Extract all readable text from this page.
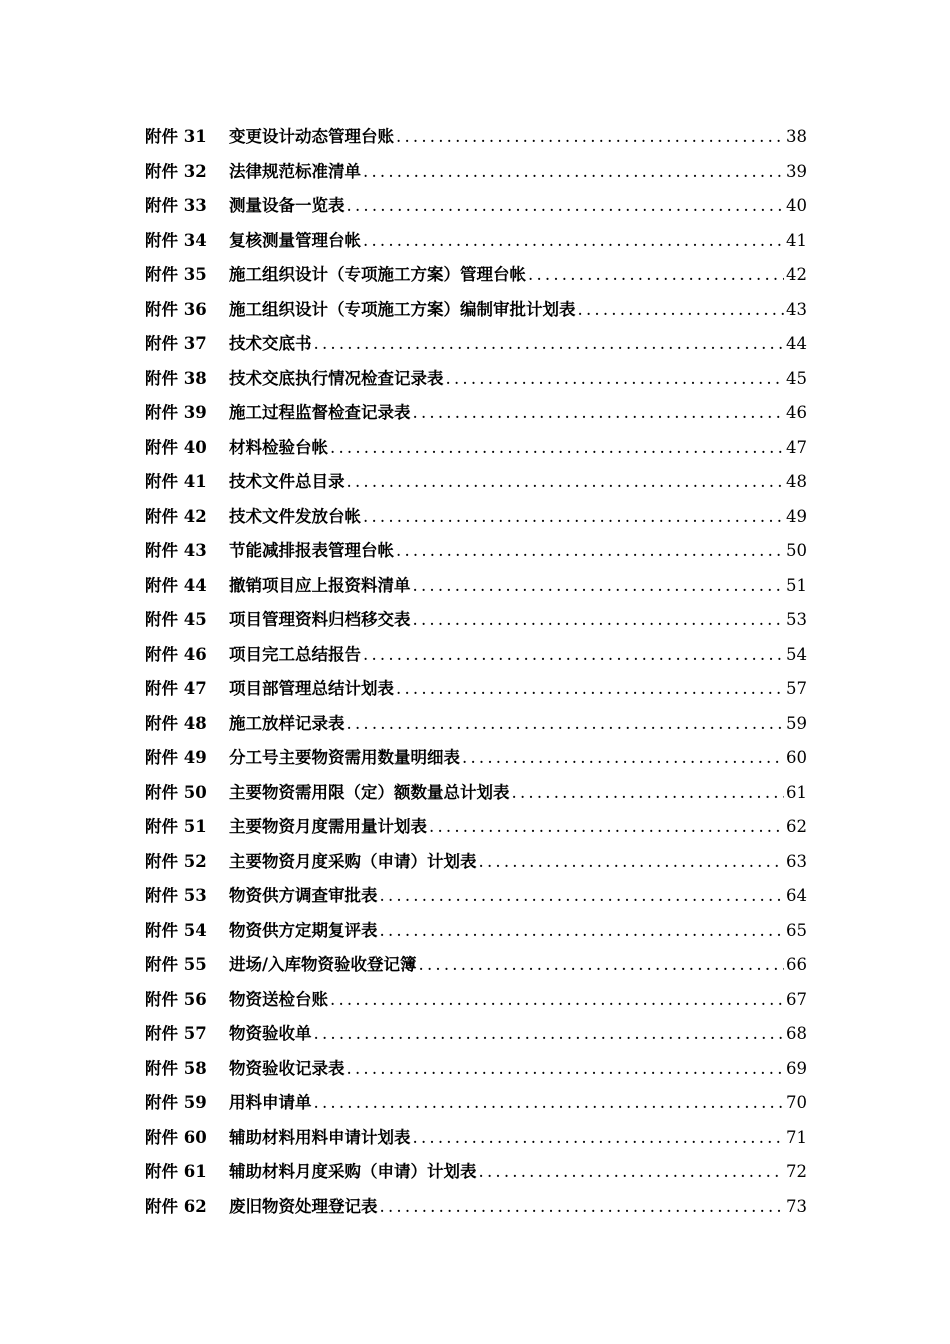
附件 31	变更设计动态管理台账 .....	38
附件 32	法律规范标准清单 .....	39
附件 33	测量设备一览表 .....	40
附件 34	复核测量管理台帐 .....	41
附件 35	施工组织设计（专项施工方案）管理台帐 .....	42
附件 36	施工组织设计（专项施工方案）编制审批计划表 .....	43
附件 37	技术交底书 .....	44
附件 38	技术交底执行情况检查记录表 .....	45
附件 39	施工过程监督检查记录表 .....	46
附件 40	材料检验台帐 .....	47
附件 41	技术文件总目录 .....	48
附件 42	技术文件发放台帐 .....	49
附件 43	节能减排报表管理台帐 .....	50
附件 44	撤销项目应上报资料清单 .....	51
附件 45	项目管理资料归档移交表 .....	53
附件 46	项目完工总结报告 .....	54
附件 47	项目部管理总结计划表 .....	57
附件 48	施工放样记录表 .....	59
附件 49	分工号主要物资需用数量明细表 .....	60
附件 50	主要物资需用限（定）额数量总计划表 .....	61
附件 51	主要物资月度需用量计划表 .....	62
附件 52	主要物资月度采购（申请）计划表 .....	63
附件 53	物资供方调查审批表 .....	64
附件 54	物资供方定期复评表 .....	65
附件 55	进场/入库物资验收登记簿 .....	66
附件 56	物资送检台账 .....	67
附件 57	物资验收单 .....	68
附件 58	物资验收记录表 .....	69
附件 59	用料申请单 .....	70
附件 60	辅助材料用料申请计划表 .....	71
附件 61	辅助材料月度采购（申请）计划表 .....	72
附件 62	废旧物资处理登记表 .....	73
